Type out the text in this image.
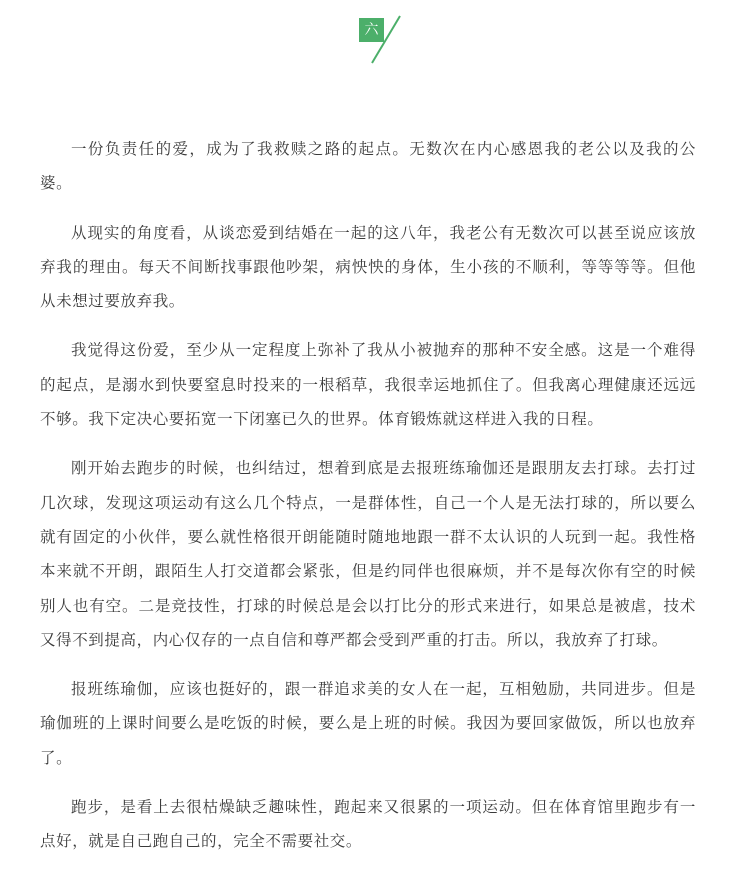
六

一份负责任的爱，成为了我救赎之路的起点。无数次在内心感恩我的老公以及我的公婆。

从现实的角度看，从谈恋爱到结婚在一起的这八年，我老公有无数次可以甚至说应该放弃我的理由。每天不间断找事跟他吵架，病怏怏的身体，生小孩的不顺利，等等等等。但他从未想过要放弃我。

我觉得这份爱，至少从一定程度上弥补了我从小被抛弃的那种不安全感。这是一个难得的起点，是溺水到快要窒息时投来的一根稻草，我很幸运地抓住了。但我离心理健康还远远不够。我下定决心要拓宽一下闭塞已久的世界。体育锻炼就这样进入我的日程。

刚开始去跑步的时候，也纠结过，想着到底是去报班练瑜伽还是跟朋友去打球。去打过几次球，发现这项运动有这么几个特点，一是群体性，自己一个人是无法打球的，所以要么就有固定的小伙伴，要么就性格很开朗能随时随地地跟一群不太认识的人玩到一起。我性格本来就不开朗，跟陌生人打交道都会紧张，但是约同伴也很麻烦，并不是每次你有空的时候别人也有空。二是竞技性，打球的时候总是会以打比分的形式来进行，如果总是被虐，技术又得不到提高，内心仅存的一点自信和尊严都会受到严重的打击。所以，我放弃了打球。

报班练瑜伽，应该也挺好的，跟一群追求美的女人在一起，互相勉励，共同进步。但是瑜伽班的上课时间要么是吃饭的时候，要么是上班的时候。我因为要回家做饭，所以也放弃了。

跑步，是看上去很枯燥缺乏趣味性，跑起来又很累的一项运动。但在体育馆里跑步有一点好，就是自己跑自己的，完全不需要社交。
